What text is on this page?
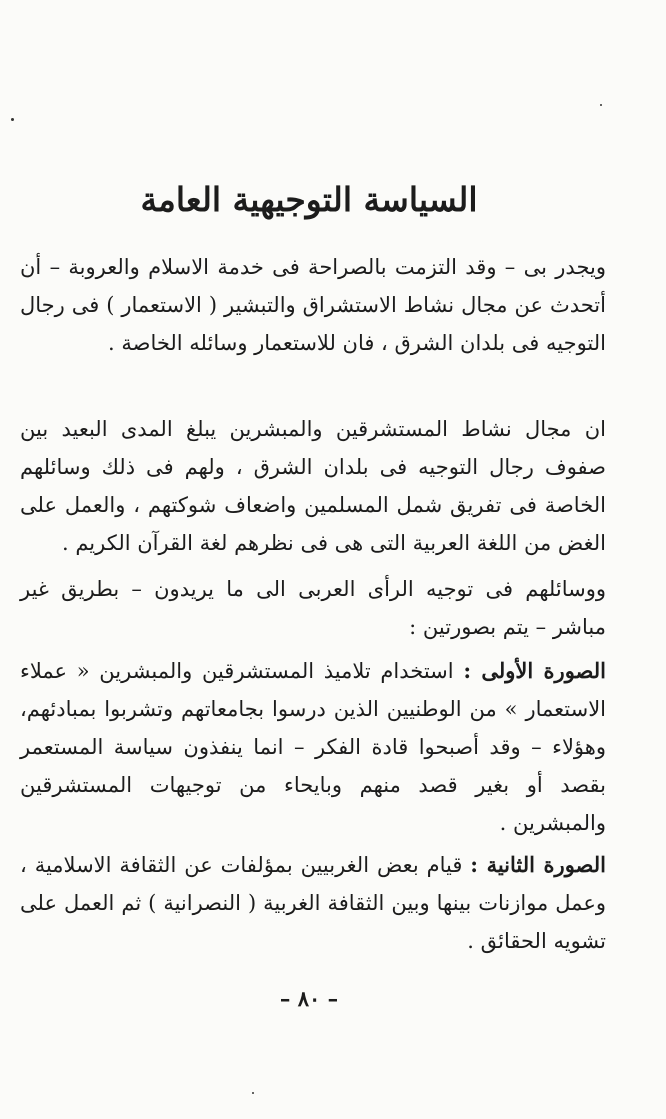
السياسة التوجيهية العامة

ويجدر بى – وقد التزمت بالصراحة فى خدمة الاسلام والعروبة – أن أتحدث عن مجال نشاط الاستشراق والتبشير ( الاستعمار ) فى رجال التوجيه فى بلدان الشرق ، فان للاستعمار وسائله الخاصة .

ان مجال نشاط المستشرقين والمبشرين يبلغ المدى البعيد بين صفوف رجال التوجيه فى بلدان الشرق ، ولهم فى ذلك وسائلهم الخاصة فى تفريق شمل المسلمين واضعاف شوكتهم ، والعمل على الغض من اللغة العربية التى هى فى نظرهم لغة القرآن الكريم .

ووسائلهم فى توجيه الرأى العربى الى ما يريدون – بطريق غير مباشر – يتم بصورتين :

الصورة الأولى : استخدام تلاميذ المستشرقين والمبشرين « عملاء الاستعمار » من الوطنيين الذين درسوا بجامعاتهم وتشربوا بمبادئهم، وهؤلاء – وقد أصبحوا قادة الفكر – انما ينفذون سياسة المستعمر بقصد أو بغير قصد منهم وبايحاء من توجيهات المستشرقين والمبشرين .

الصورة الثانية : قيام بعض الغربيين بمؤلفات عن الثقافة الاسلامية ، وعمل موازنات بينها وبين الثقافة الغربية ( النصرانية ) ثم العمل على تشويه الحقائق .

– ٨٠ –
